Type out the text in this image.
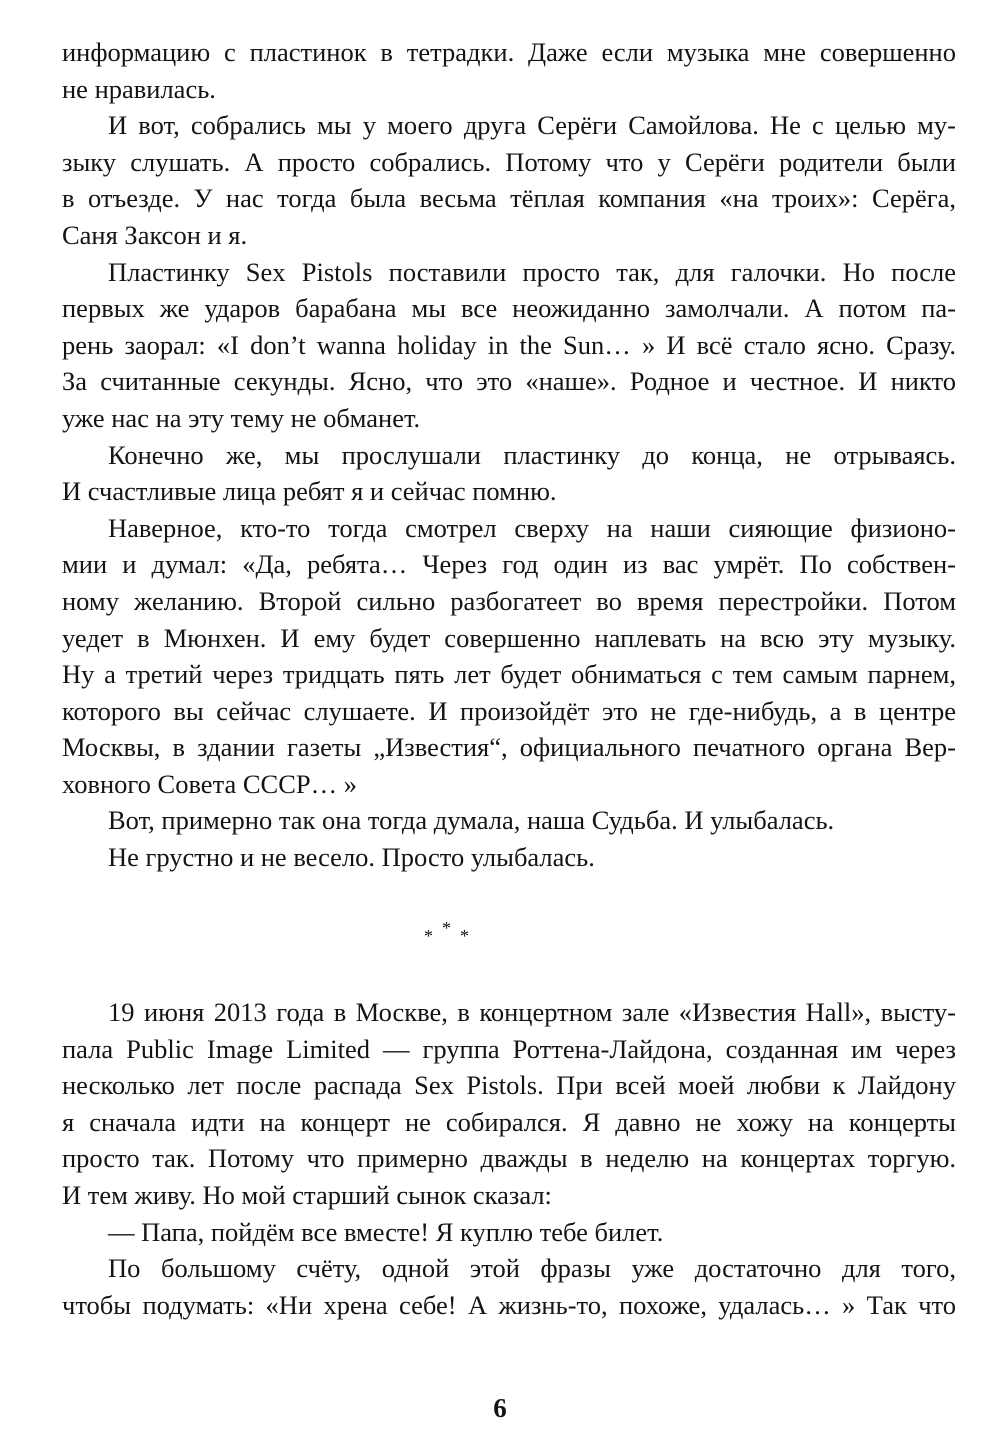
информацию с пластинок в тетрадки. Даже если музыка мне совершенно
не нравилась.
И вот, собрались мы у моего друга Серёги Самойлова. Не с целью му-
зыку слушать. А просто собрались. Потому что у Серёги родители были
в отъезде. У нас тогда была весьма тёплая компания «на троих»: Серёга,
Саня Заксон и я.
Пластинку Sex Pistols поставили просто так, для галочки. Но после
первых же ударов барабана мы все неожиданно замолчали. А потом па-
рень заорал: «I don’t wanna holiday in the Sun… » И всё стало ясно. Сразу.
За считанные секунды. Ясно, что это «наше». Родное и честное. И никто
уже нас на эту тему не обманет.
Конечно же, мы прослушали пластинку до конца, не отрываясь.
И счастливые лица ребят я и сейчас помню.
Наверное, кто-то тогда смотрел сверху на наши сияющие физионо-
мии и думал: «Да, ребята… Через год один из вас умрёт. По собствен-
ному желанию. Второй сильно разбогатеет во время перестройки. Потом
уедет в Мюнхен. И ему будет совершенно наплевать на всю эту музыку.
Ну а третий через тридцать пять лет будет обниматься с тем самым парнем,
которого вы сейчас слушаете. И произойдёт это не где-нибудь, а в центре
Москвы, в здании газеты „Известия“, официального печатного органа Вер-
ховного Совета СССР… »
Вот, примерно так она тогда думала, наша Судьба. И улыбалась.
Не грустно и не весело. Просто улыбалась.
* * *
19 июня 2013 года в Москве, в концертном зале «Известия Hall», высту-
пала Public Image Limited — группа Роттена-Лайдона, созданная им через
несколько лет после распада Sex Pistols. При всей моей любви к Лайдону
я сначала идти на концерт не собирался. Я давно не хожу на концерты
просто так. Потому что примерно дважды в неделю на концертах торгую.
И тем живу. Но мой старший сынок сказал:
— Папа, пойдём все вместе! Я куплю тебе билет.
По большому счёту, одной этой фразы уже достаточно для того,
чтобы подумать: «Ни хрена себе! А жизнь-то, похоже, удалась… » Так что
6
